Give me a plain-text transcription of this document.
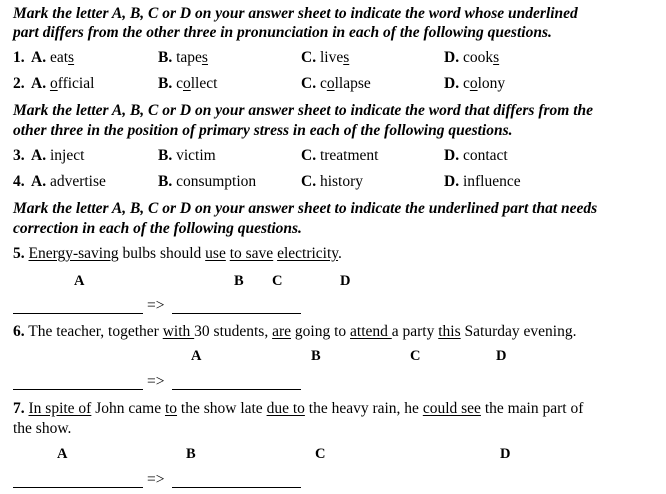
Mark the letter A, B, C or D on your answer sheet to indicate the word whose underlined
part differs from the other three in pronunciation in each of the following questions.
1. A. eats	B. tapes	C. lives	D. cooks
2. A. official	B. collect	C. collapse	D. colony
Mark the letter A, B, C or D on your answer sheet to indicate the word that differs from the
other three in the position of primary stress in each of the following questions.
3. A. inject	B. victim	C. treatment	D. contact
4. A. advertise	B. consumption	C. history	D. influence
Mark the letter A, B, C or D on your answer sheet to indicate the underlined part that needs
correction in each of the following questions.
5. Energy-saving bulbs should use to save electricity.
A	B C	D
=>
6. The teacher, together with 30 students, are going to attend a party this Saturday evening.
A	B	C	D
=>
7. In spite of John came to the show late due to the heavy rain, he could see the main part of
the show.
A	B	C	D
=>
